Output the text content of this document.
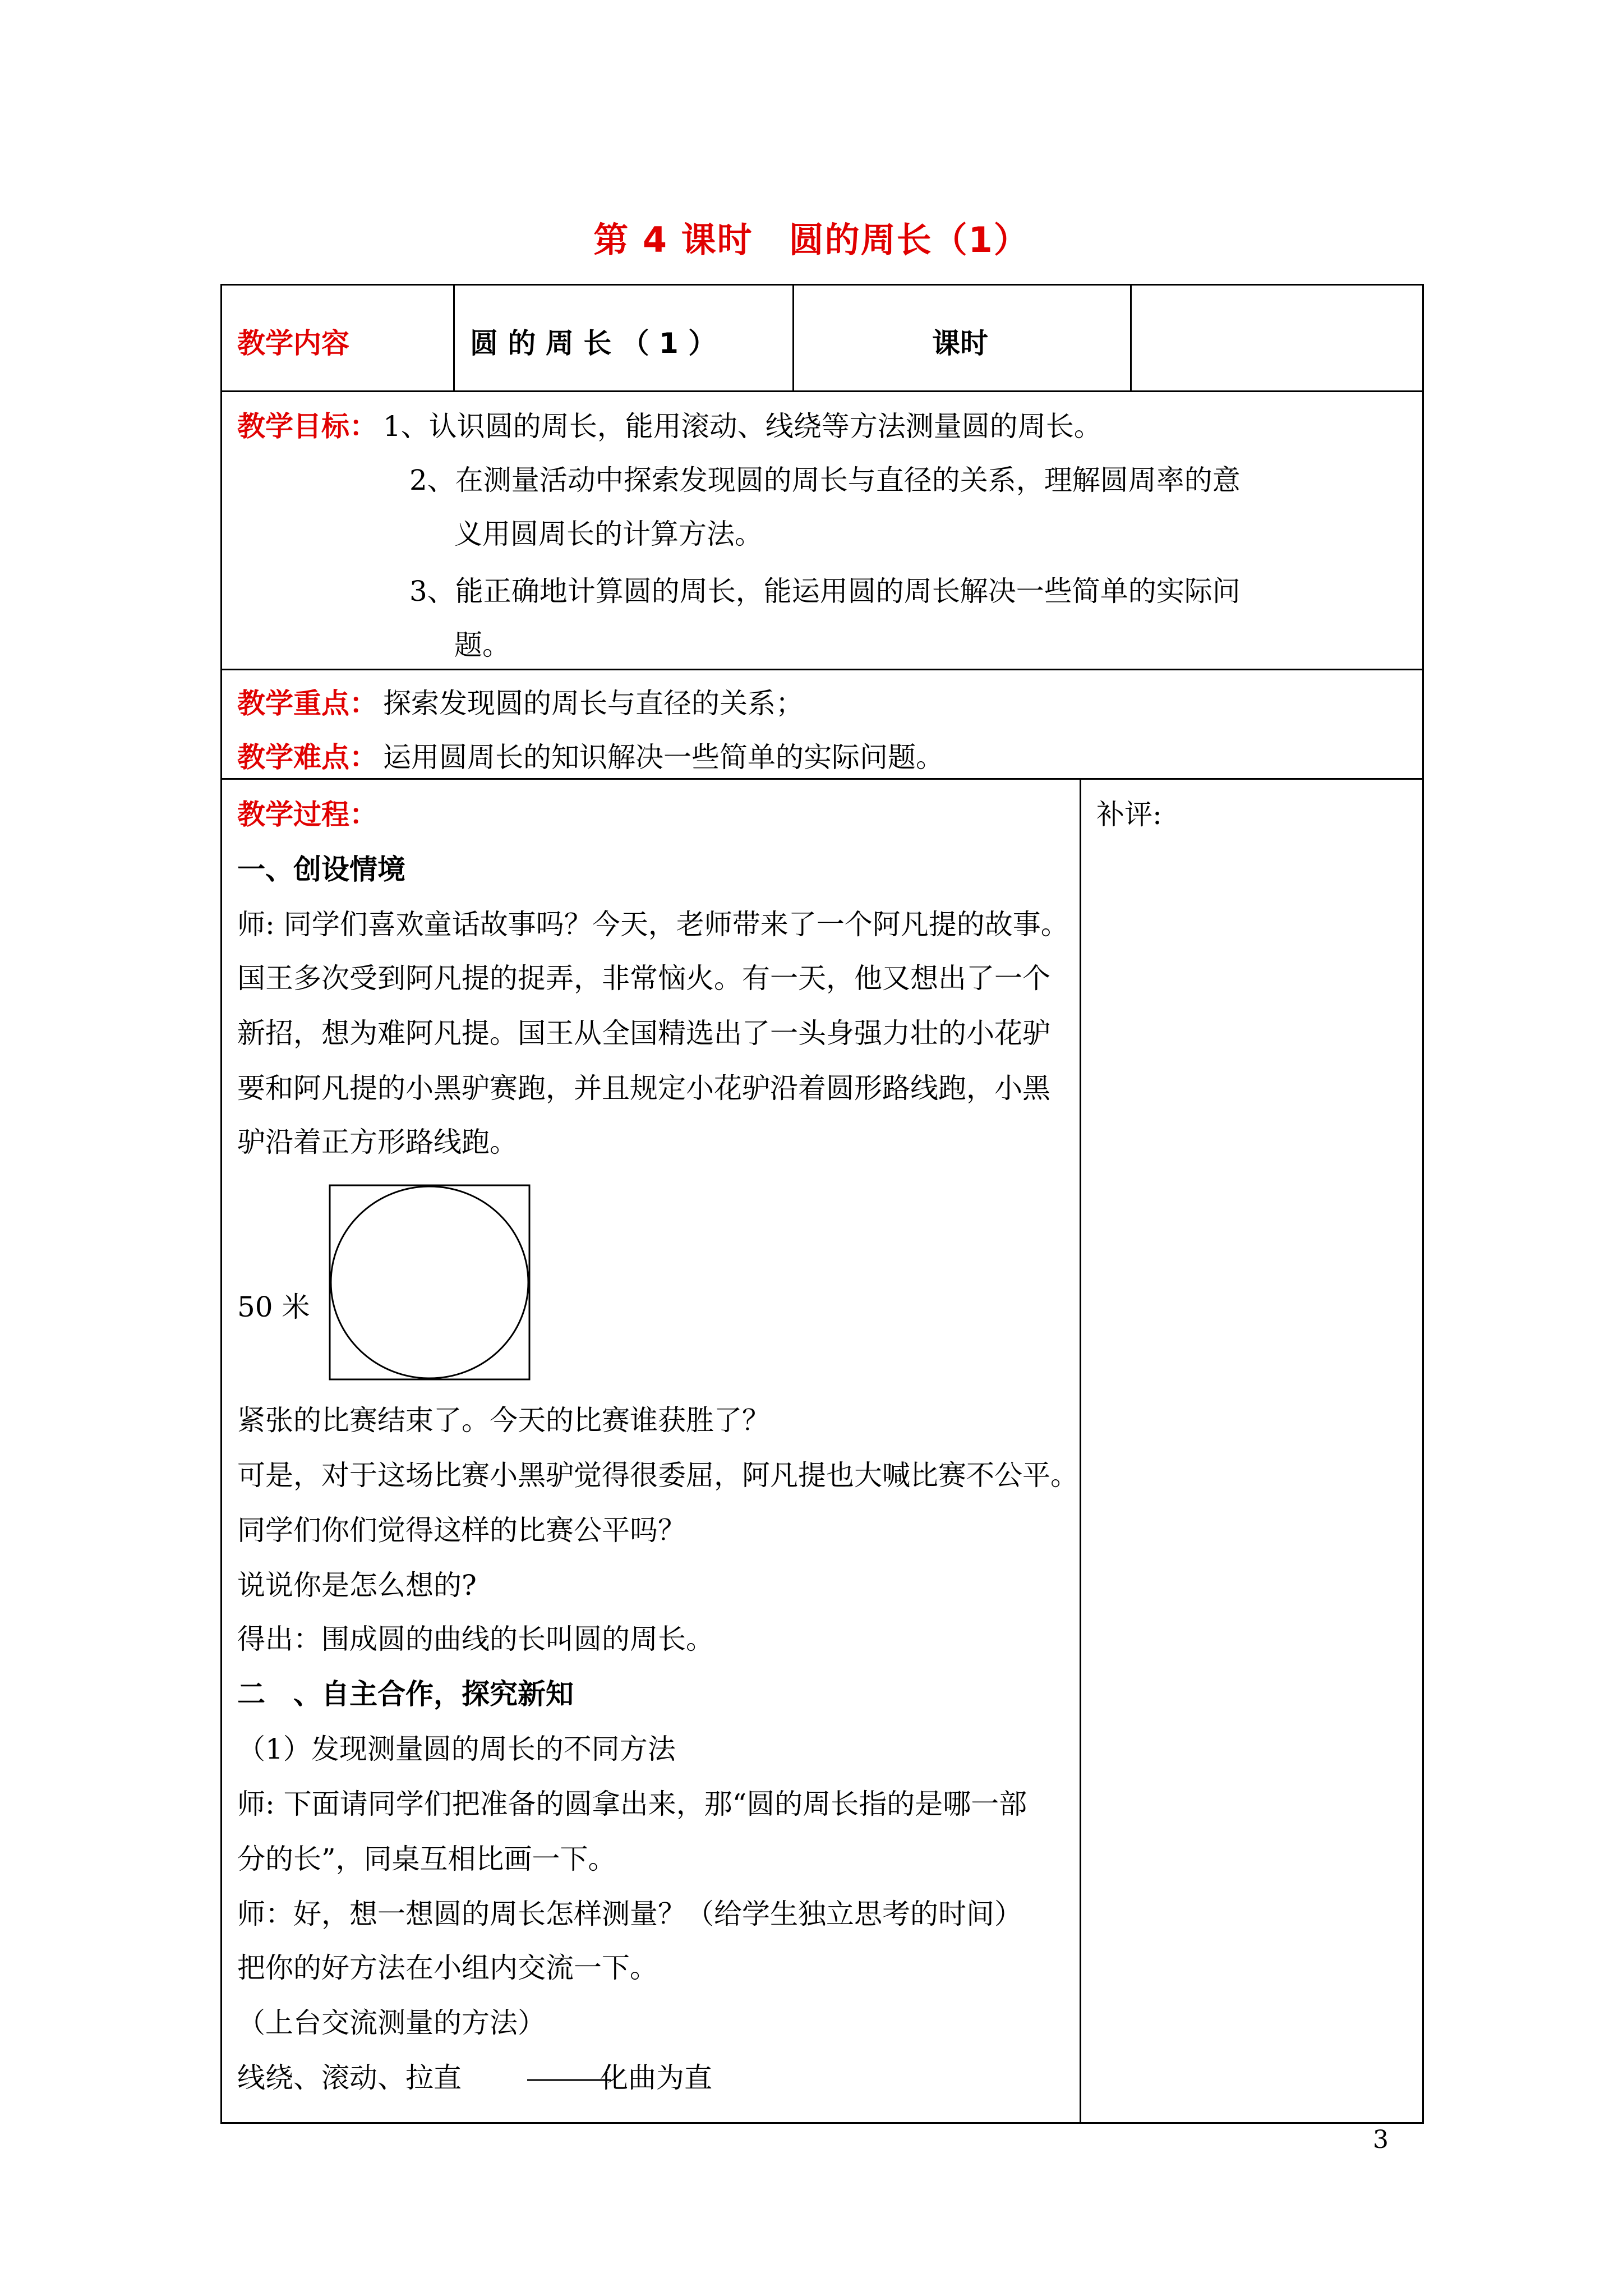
第 4 课时　圆的周长（1）
教学内容	圆 的 周 长 （ 1 ）	课时
教学目标： 1、认识圆的周长，能用滚动、线绕等方法测量圆的周长。
2、在测量活动中探索发现圆的周长与直径的关系，理解圆周率的意
义用圆周长的计算方法。
3、能正确地计算圆的周长，能运用圆的周长解决一些简单的实际问
题。
教学重点： 探索发现圆的周长与直径的关系；
教学难点： 运用圆周长的知识解决一些简单的实际问题。
教学过程：	补评:
一、创设情境
师: 同学们喜欢童话故事吗？今天，老师带来了一个阿凡提的故事。
国王多次受到阿凡提的捉弄，非常恼火。有一天，他又想出了一个
新招，想为难阿凡提。国王从全国精选出了一头身强力壮的小花驴
要和阿凡提的小黑驴赛跑，并且规定小花驴沿着圆形路线跑，小黑
驴沿着正方形路线跑。
50 米
紧张的比赛结束了。今天的比赛谁获胜了？
可是，对于这场比赛小黑驴觉得很委屈，阿凡提也大喊比赛不公平。
同学们你们觉得这样的比赛公平吗？
说说你是怎么想的?
得出：围成圆的曲线的长叫圆的周长。
二　、自主合作，探究新知
（1）发现测量圆的周长的不同方法
师: 下面请同学们把准备的圆拿出来，那“圆的周长指的是哪一部
分的长”，同桌互相比画一下。
师：好，想一想圆的周长怎样测量？（给学生独立思考的时间）
把你的好方法在小组内交流一下。
（上台交流测量的方法）
线绕、滚动、拉直	化曲为直
3
